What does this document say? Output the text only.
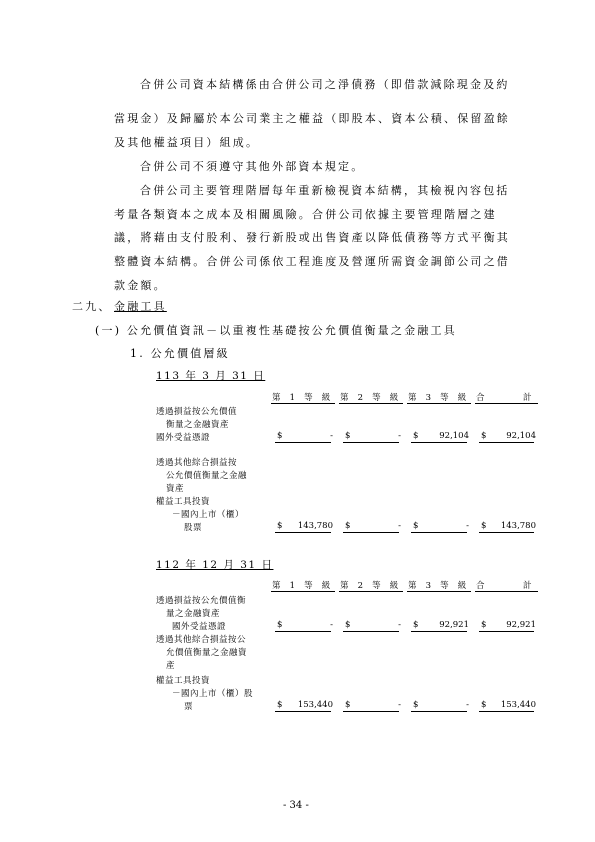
合併公司資本結構係由合併公司之淨債務（即借款減除現金及約
當現金）及歸屬於本公司業主之權益（即股本、資本公積、保留盈餘
及其他權益項目）組成。
合併公司不須遵守其他外部資本規定。
合併公司主要管理階層每年重新檢視資本結構，其檢視內容包括
考量各類資本之成本及相關風險。合併公司依據主要管理階層之建
議，將藉由支付股利、發行新股或出售資產以降低債務等方式平衡其
整體資本結構。合併公司係依工程進度及營運所需資金調節公司之借
款金額。
二九、 金融工具
(一) 公允價值資訊－以重複性基礎按公允價值衡量之金融工具
1. 公允價值層級
113 年 3 月 31 日
第 1 等 級 第 2 等 級 第 3 等 級 合	計
透過損益按公允價值
衡量之金融資產
國外受益憑證	$	- $	- $ 92,104 $ 92,104
透過其他綜合損益按
公允價值衡量之金融
資產
權益工具投資
－國內上市（櫃）
股票	$ 143,780 $	- $	- $ 143,780
112 年 12 月 31 日
第 1 等 級 第 2 等 級 第 3 等 級 合	計
透過損益按公允價值衡
量之金融資產
國外受益憑證	$	- $	- $ 92,921 $ 92,921
透過其他綜合損益按公
允價值衡量之金融資
產
權益工具投資
－國內上市（櫃）股
票	$ 153,440 $	- $	- $ 153,440
- 34 -
